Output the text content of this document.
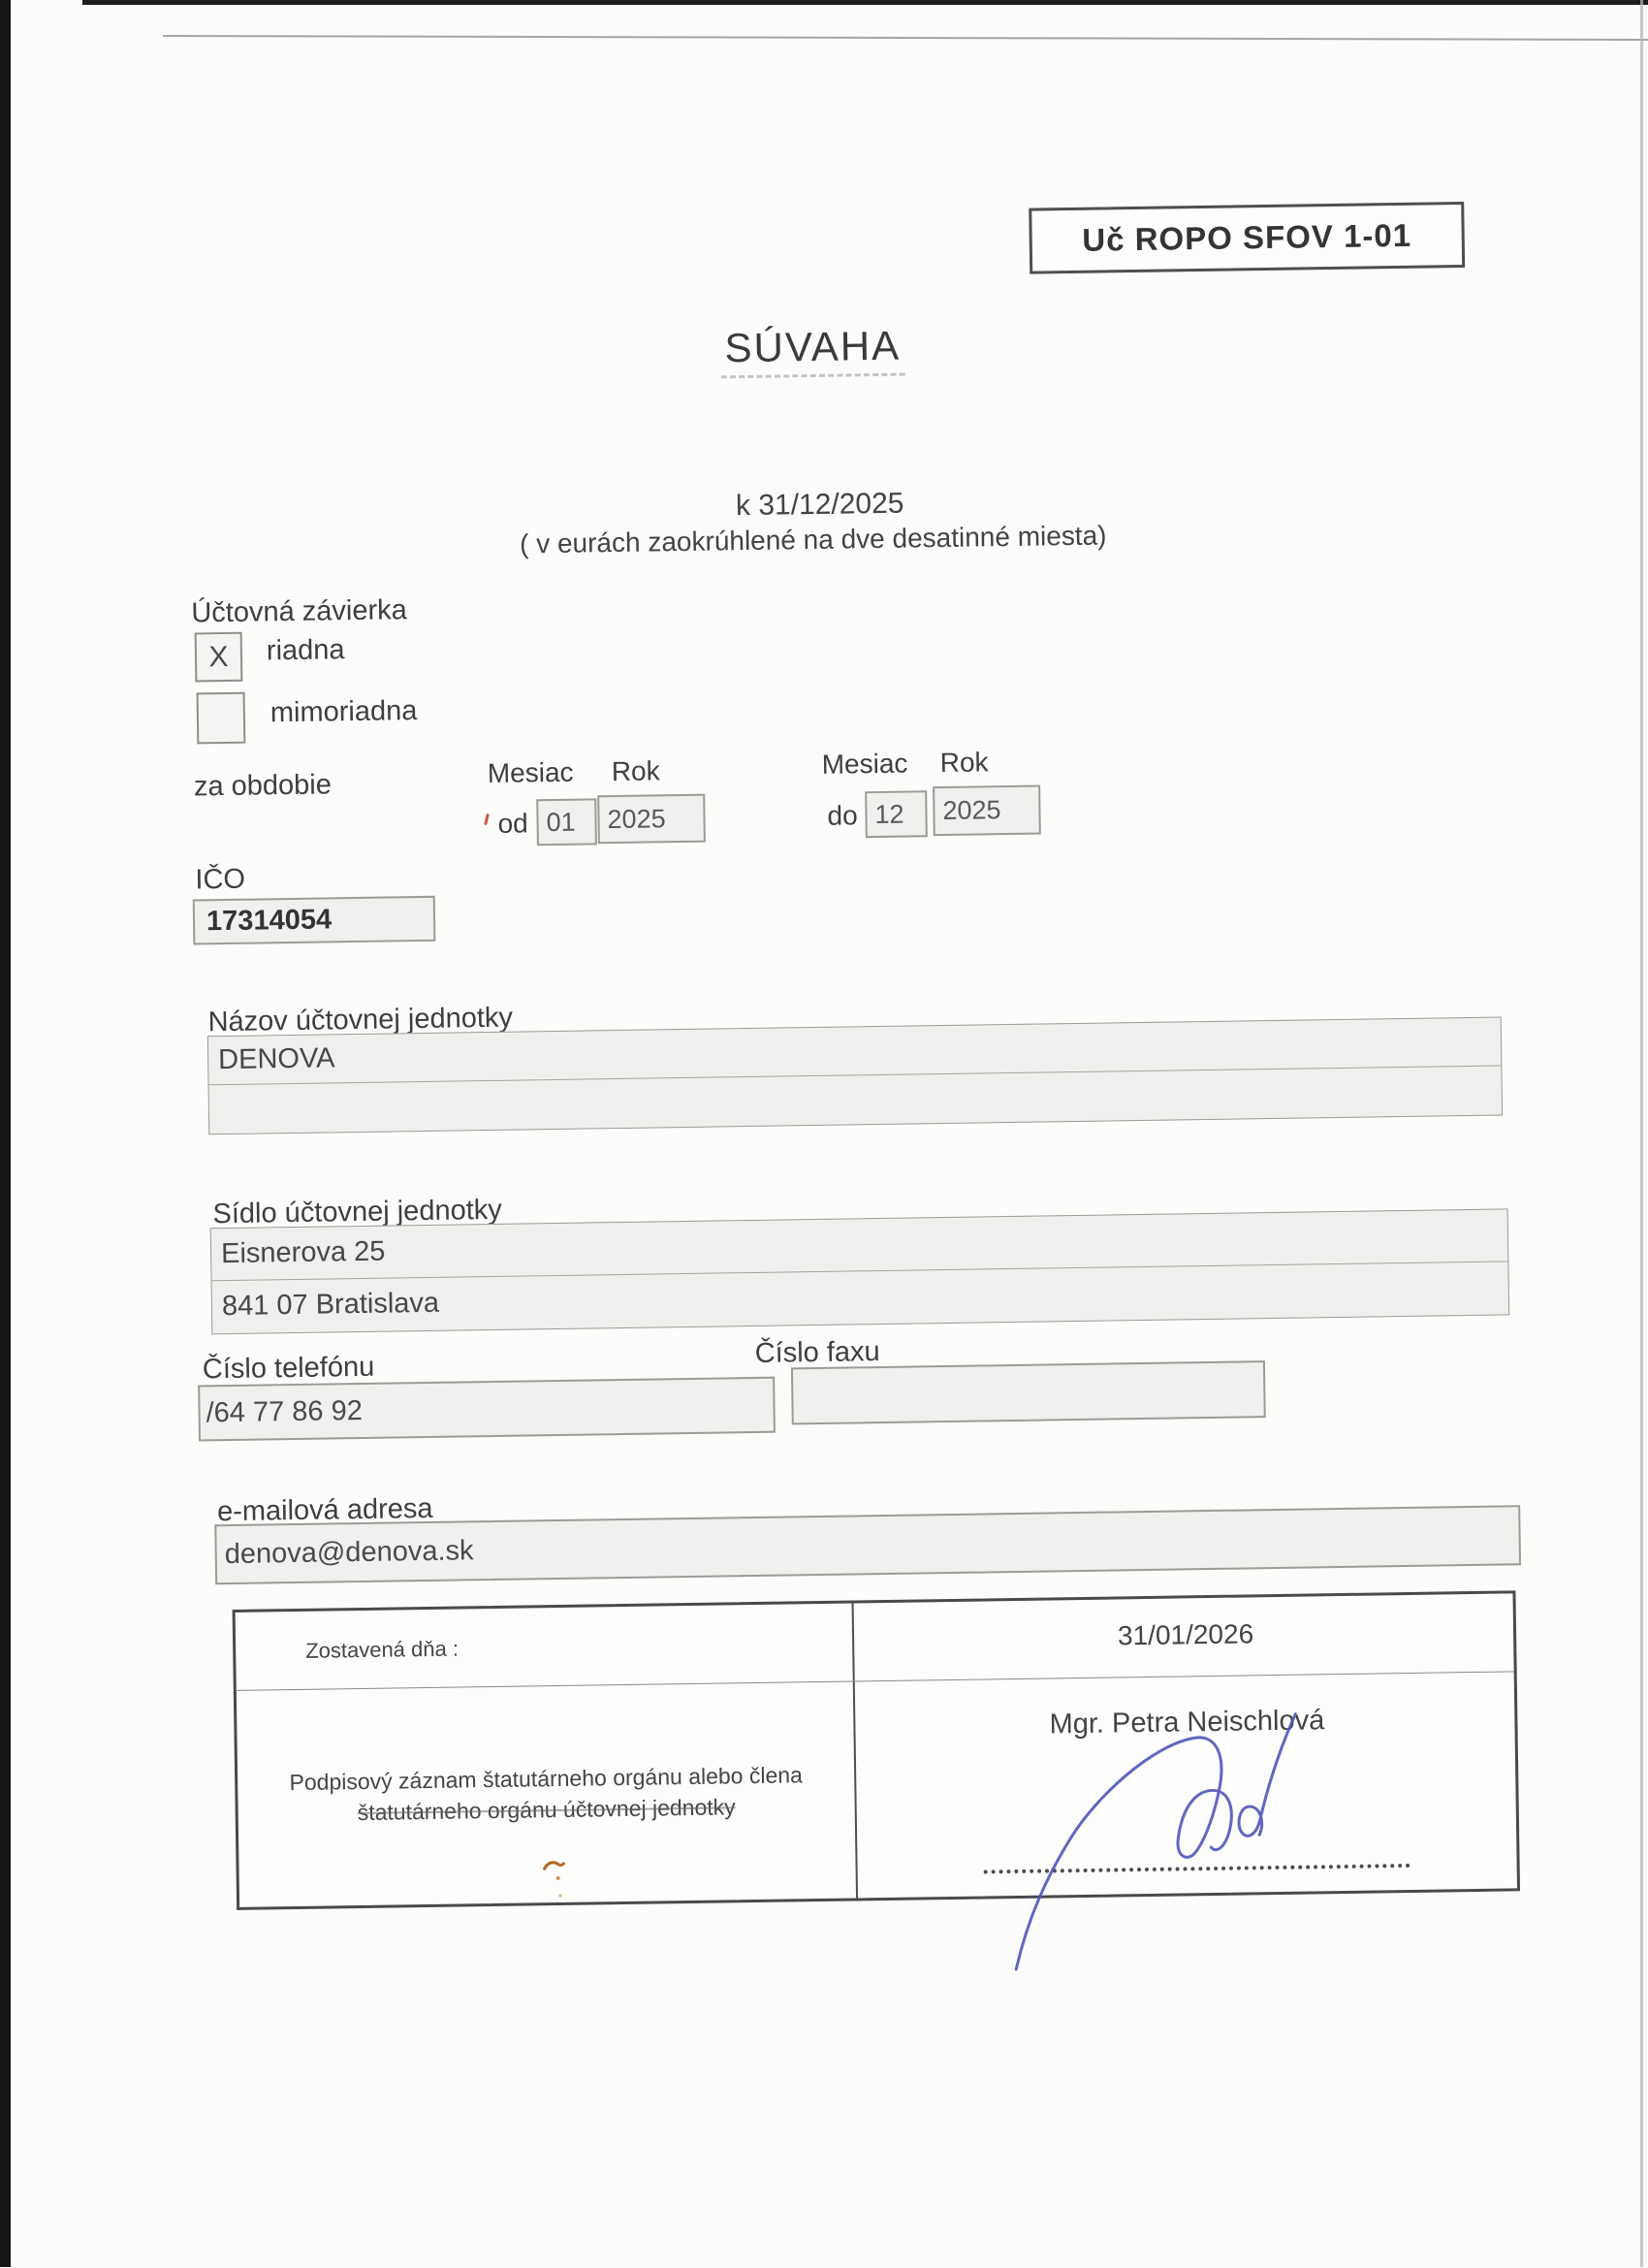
Uč ROPO SFOV 1-01
SÚVAHA
k 31/12/2025
( v eurách zaokrúhlené na dve desatinné miesta)
Účtovná závierka
X riadna
mimoriadna
za obdobie	Mesiac Rok
od 01 2025
Mesiac Rok
do 12 2025
IČO
17314054
Názov účtovnej jednotky
DENOVA
Sídlo účtovnej jednotky
Eisnerova 25
841 07 Bratislava
Číslo telefónu	Číslo faxu
/64 77 86 92
e-mailová adresa
denova@denova.sk
Zostavená dňa :	31/01/2026
Podpisový záznam štatutárneho orgánu alebo člena
štatutárneho orgánu účtovnej jednotky
Mgr. Petra Neischlová
